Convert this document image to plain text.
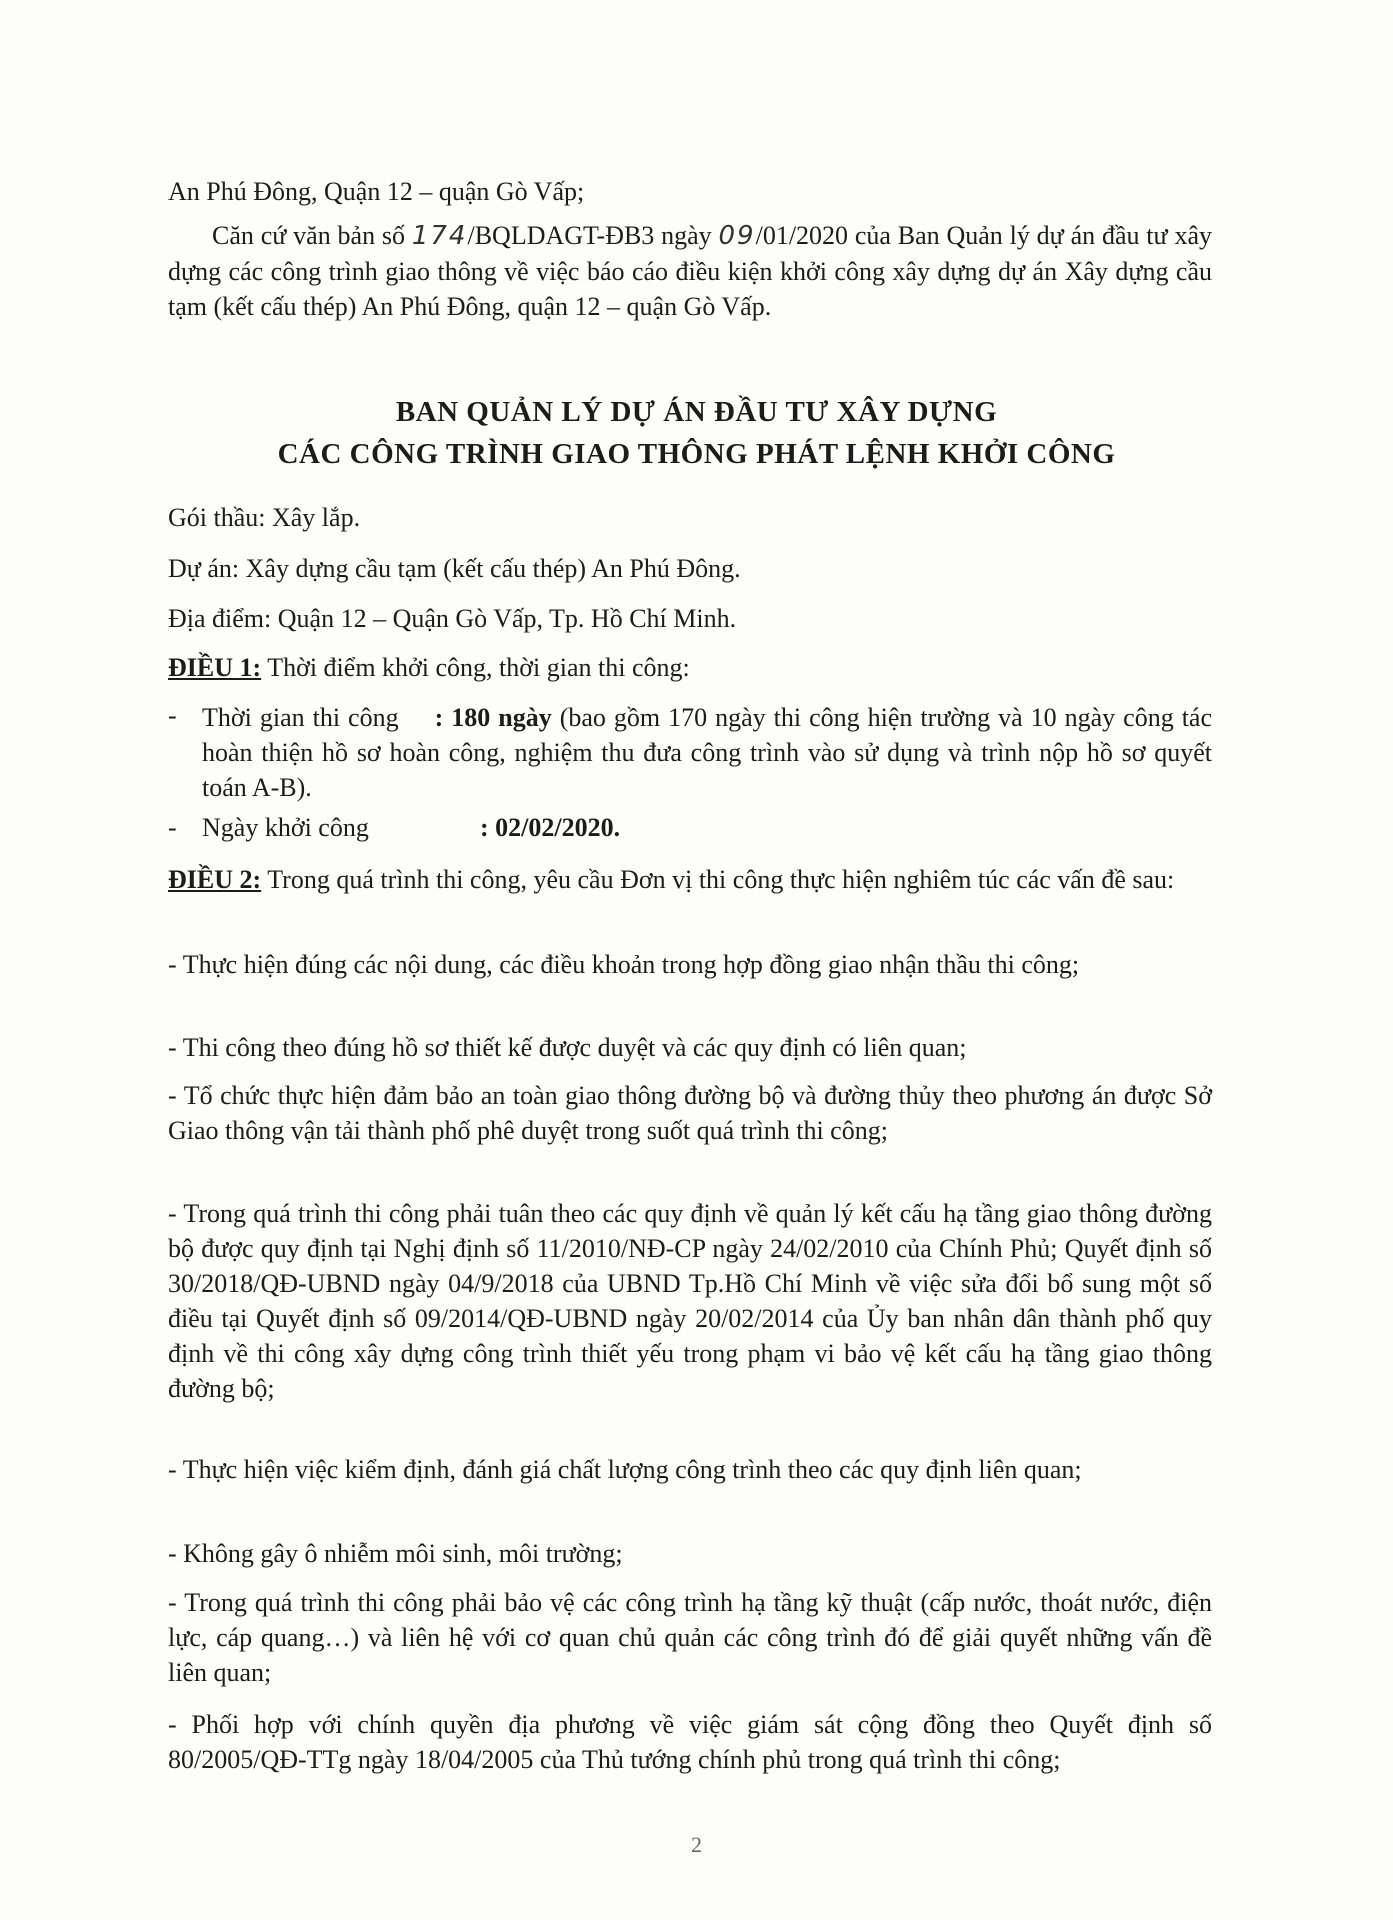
An Phú Đông, Quận 12 – quận Gò Vấp;
Căn cứ văn bản số 174/BQLDAGT-ĐB3 ngày 09/01/2020 của Ban Quản lý dự án đầu tư xây dựng các công trình giao thông về việc báo cáo điều kiện khởi công xây dựng dự án Xây dựng cầu tạm (kết cấu thép) An Phú Đông, quận 12 – quận Gò Vấp.
BAN QUẢN LÝ DỰ ÁN ĐẦU TƯ XÂY DỰNG
CÁC CÔNG TRÌNH GIAO THÔNG PHÁT LỆNH KHỞI CÔNG
Gói thầu: Xây lắp.
Dự án: Xây dựng cầu tạm (kết cấu thép) An Phú Đông.
Địa điểm: Quận 12 – Quận Gò Vấp, Tp. Hồ Chí Minh.
ĐIỀU 1: Thời điểm khởi công, thời gian thi công:
- Thời gian thi công : 180 ngày (bao gồm 170 ngày thi công hiện trường và 10 ngày công tác hoàn thiện hồ sơ hoàn công, nghiệm thu đưa công trình vào sử dụng và trình nộp hồ sơ quyết toán A-B).
- Ngày khởi công	: 02/02/2020.
ĐIỀU 2: Trong quá trình thi công, yêu cầu Đơn vị thi công thực hiện nghiêm túc các vấn đề sau:
- Thực hiện đúng các nội dung, các điều khoản trong hợp đồng giao nhận thầu thi công;
- Thi công theo đúng hồ sơ thiết kế được duyệt và các quy định có liên quan;
- Tổ chức thực hiện đảm bảo an toàn giao thông đường bộ và đường thủy theo phương án được Sở Giao thông vận tải thành phố phê duyệt trong suốt quá trình thi công;
- Trong quá trình thi công phải tuân theo các quy định về quản lý kết cấu hạ tầng giao thông đường bộ được quy định tại Nghị định số 11/2010/NĐ-CP ngày 24/02/2010 của Chính Phủ; Quyết định số 30/2018/QĐ-UBND ngày 04/9/2018 của UBND Tp.Hồ Chí Minh về việc sửa đổi bổ sung một số điều tại Quyết định số 09/2014/QĐ-UBND ngày 20/02/2014 của Ủy ban nhân dân thành phố quy định về thi công xây dựng công trình thiết yếu trong phạm vi bảo vệ kết cấu hạ tầng giao thông đường bộ;
- Thực hiện việc kiểm định, đánh giá chất lượng công trình theo các quy định liên quan;
- Không gây ô nhiễm môi sinh, môi trường;
- Trong quá trình thi công phải bảo vệ các công trình hạ tầng kỹ thuật (cấp nước, thoát nước, điện lực, cáp quang…) và liên hệ với cơ quan chủ quản các công trình đó để giải quyết những vấn đề liên quan;
- Phối hợp với chính quyền địa phương về việc giám sát cộng đồng theo Quyết định số 80/2005/QĐ-TTg ngày 18/04/2005 của Thủ tướng chính phủ trong quá trình thi công;
2
